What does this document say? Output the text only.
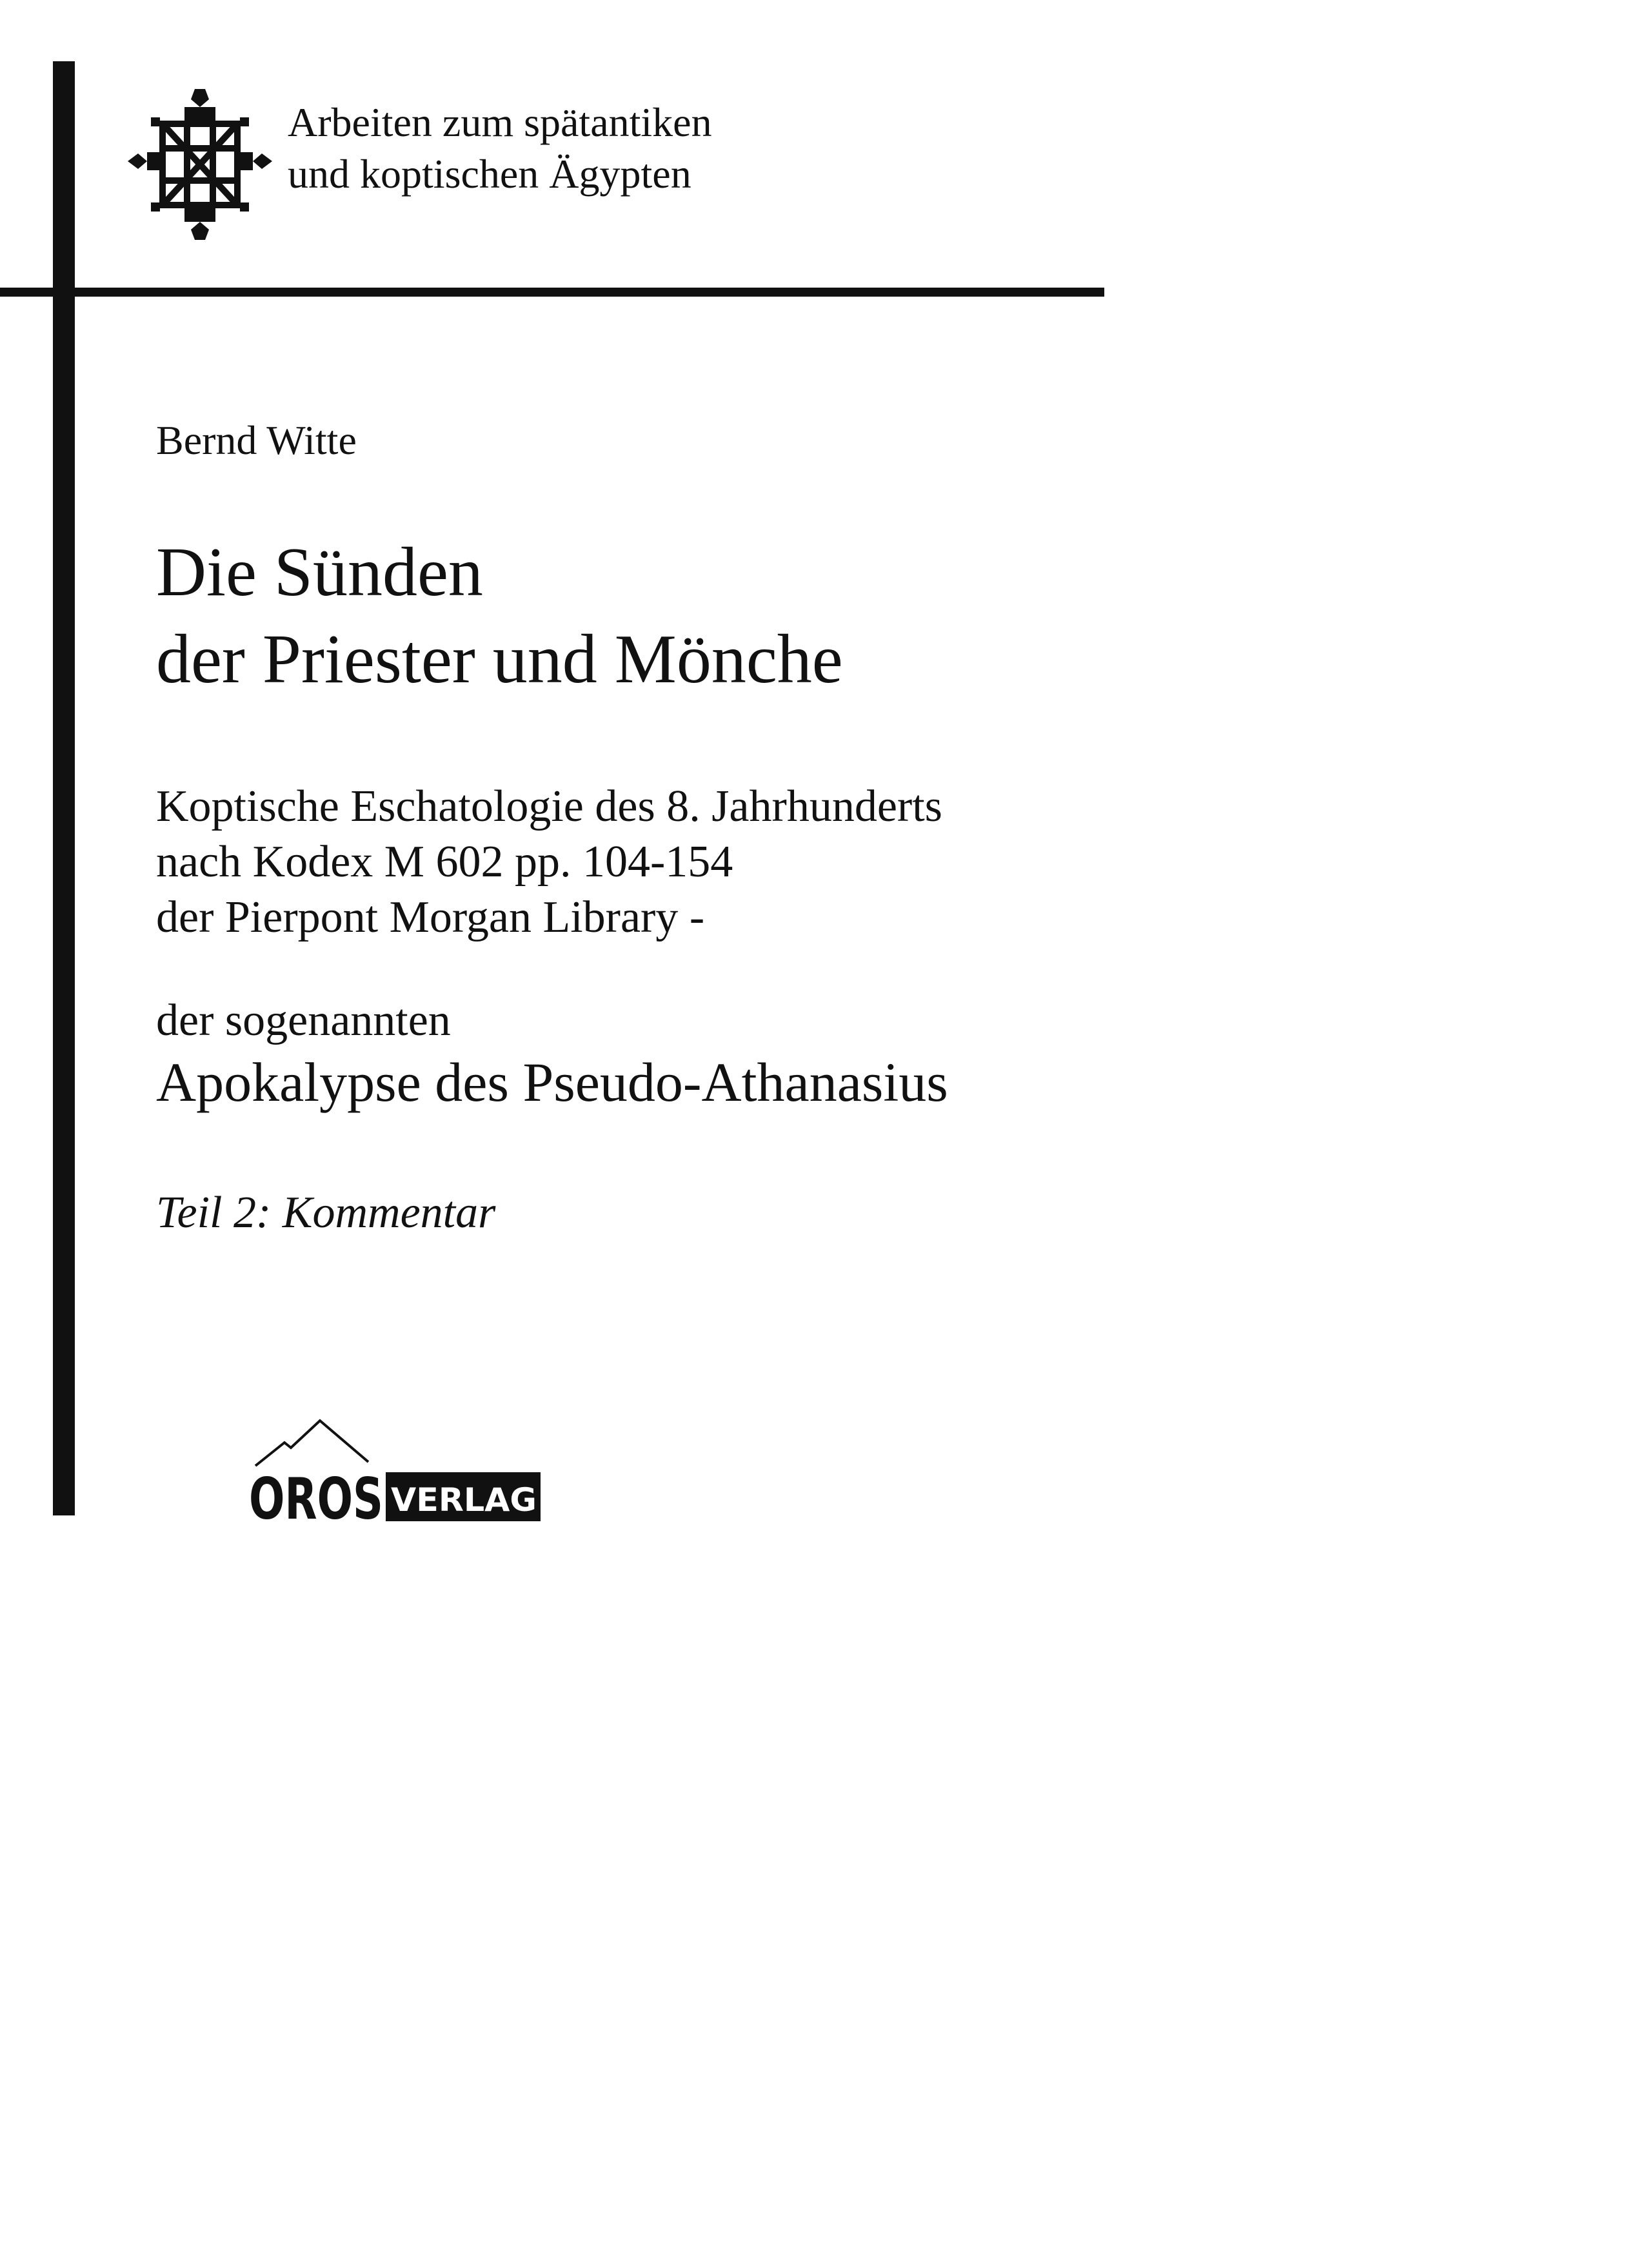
Arbeiten zum spätantiken
und koptischen Ägypten
Bernd Witte
Die Sünden
der Priester und Mönche
Koptische Eschatologie des 8. Jahrhunderts
nach Kodex M 602 pp. 104-154
der Pierpont Morgan Library -
der sogenannten
Apokalypse des Pseudo-Athanasius
Teil 2: Kommentar
OROS VERLAG
